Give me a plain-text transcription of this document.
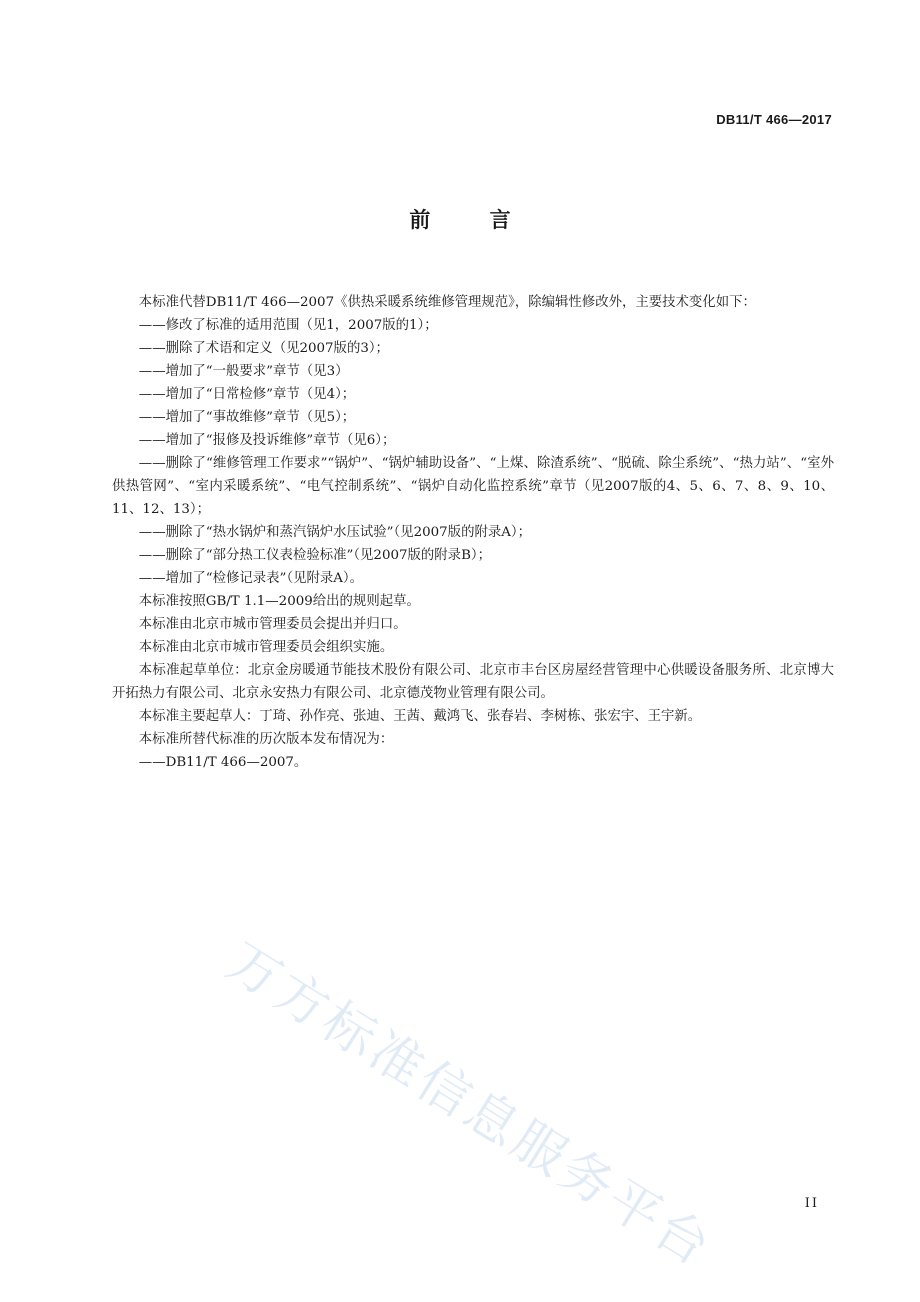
DB11/T 466—2017
前 言

本标准代替DB11/T 466—2007《供热采暖系统维修管理规范》，除编辑性修改外，主要技术变化如下：

——修改了标准的适用范围（见1，2007版的1）；

——删除了术语和定义（见2007版的3）；

——增加了“一般要求”章节（见3）

——增加了“日常检修”章节（见4）；

——增加了“事故维修”章节（见5）；

——增加了“报修及投诉维修”章节（见6）；

——删除了“维修管理工作要求”“锅炉”、“锅炉辅助设备”、“上煤、除渣系统”、“脱硫、除尘系统”、“热力站”、“室外供热管网”、“室内采暖系统”、“电气控制系统”、“锅炉自动化监控系统”章节（见2007版的4、5、6、7、8、9、10、11、12、13）；

——删除了“热水锅炉和蒸汽锅炉水压试验”（见2007版的附录A）；

——删除了“部分热工仪表检验标准”（见2007版的附录B）；

——增加了“检修记录表”（见附录A）。

本标准按照GB/T 1.1—2009给出的规则起草。

本标准由北京市城市管理委员会提出并归口。

本标准由北京市城市管理委员会组织实施。

本标准起草单位：北京金房暖通节能技术股份有限公司、北京市丰台区房屋经营管理中心供暖设备服务所、北京博大开拓热力有限公司、北京永安热力有限公司、北京德茂物业管理有限公司。

本标准主要起草人：丁琦、孙作亮、张迪、王茜、戴鸿飞、张春岩、李树栋、张宏宇、王宇新。

本标准所替代标准的历次版本发布情况为：

——DB11/T 466—2007。

万方标准信息服务平台	II
